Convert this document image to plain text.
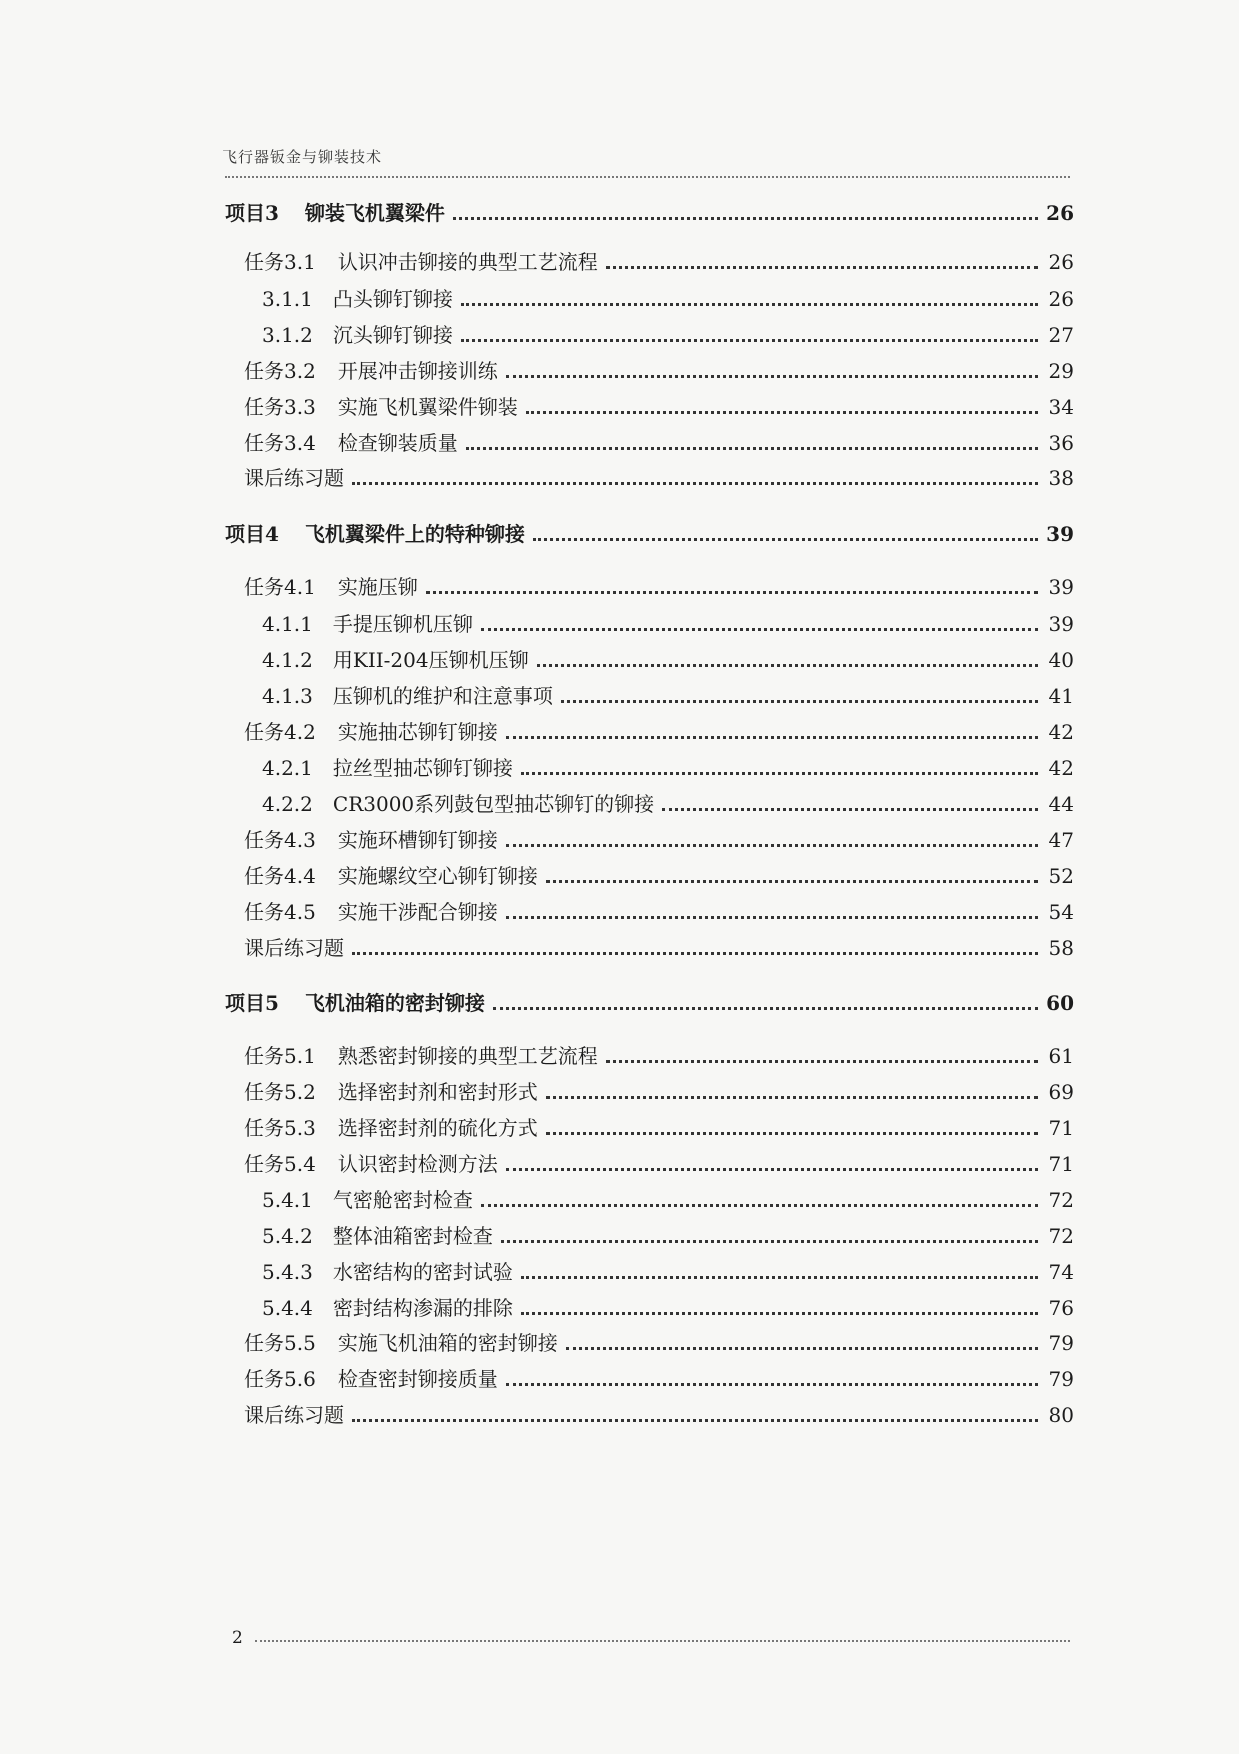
飞行器钣金与铆装技术
项目3 铆装飞机翼梁件	26
任务3.1 认识冲击铆接的典型工艺流程	26
3.1.1 凸头铆钉铆接	26
3.1.2 沉头铆钉铆接	27
任务3.2 开展冲击铆接训练	29
任务3.3 实施飞机翼梁件铆装	34
任务3.4 检查铆装质量	36
课后练习题	38
项目4 飞机翼梁件上的特种铆接	39
任务4.1 实施压铆	39
4.1.1 手提压铆机压铆	39
4.1.2 用KII-204压铆机压铆	40
4.1.3 压铆机的维护和注意事项	41
任务4.2 实施抽芯铆钉铆接	42
4.2.1 拉丝型抽芯铆钉铆接	42
4.2.2 CR3000系列鼓包型抽芯铆钉的铆接	44
任务4.3 实施环槽铆钉铆接	47
任务4.4 实施螺纹空心铆钉铆接	52
任务4.5 实施干涉配合铆接	54
课后练习题	58
项目5 飞机油箱的密封铆接	60
任务5.1 熟悉密封铆接的典型工艺流程	61
任务5.2 选择密封剂和密封形式	69
任务5.3 选择密封剂的硫化方式	71
任务5.4 认识密封检测方法	71
5.4.1 气密舱密封检查	72
5.4.2 整体油箱密封检查	72
5.4.3 水密结构的密封试验	74
5.4.4 密封结构渗漏的排除	76
任务5.5 实施飞机油箱的密封铆接	79
任务5.6 检查密封铆接质量	79
课后练习题	80
2
